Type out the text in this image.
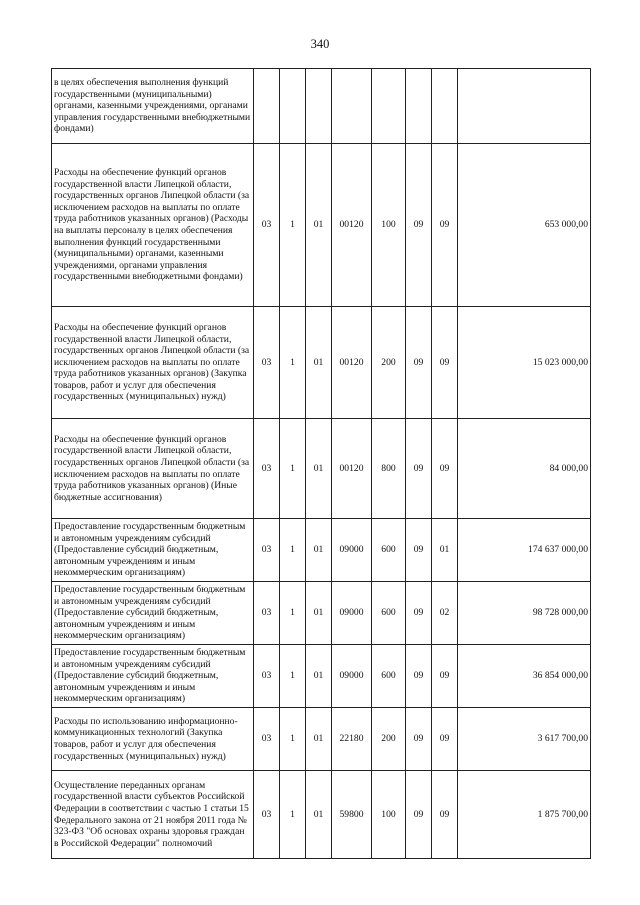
340
в целях обеспечения выполнения функций государственными (муниципальными) органами, казенными учреждениями, органами управления государственными внебюджетными фондами)								
Расходы на обеспечение функций органов государственной власти Липецкой области, государственных органов Липецкой области (за исключением расходов на выплаты по оплате труда работников указанных органов) (Расходы на выплаты персоналу в целях обеспечения выполнения функций государственными (муниципальными) органами, казенными учреждениями, органами управления государственными внебюджетными фондами)	03	1	01	00120	100	09	09	653 000,00
Расходы на обеспечение функций органов государственной власти Липецкой области, государственных органов Липецкой области (за исключением расходов на выплаты по оплате труда работников указанных органов) (Закупка товаров, работ и услуг для обеспечения государственных (муниципальных) нужд)	03	1	01	00120	200	09	09	15 023 000,00
Расходы на обеспечение функций органов государственной власти Липецкой области, государственных органов Липецкой области (за исключением расходов на выплаты по оплате труда работников указанных органов) (Иные бюджетные ассигнования)	03	1	01	00120	800	09	09	84 000,00
Предоставление государственным бюджетным и автономным учреждениям субсидий (Предоставление субсидий бюджетным, автономным учреждениям и иным некоммерческим организациям)	03	1	01	09000	600	09	01	174 637 000,00
Предоставление государственным бюджетным и автономным учреждениям субсидий (Предоставление субсидий бюджетным, автономным учреждениям и иным некоммерческим организациям)	03	1	01	09000	600	09	02	98 728 000,00
Предоставление государственным бюджетным и автономным учреждениям субсидий (Предоставление субсидий бюджетным, автономным учреждениям и иным некоммерческим организациям)	03	1	01	09000	600	09	09	36 854 000,00
Расходы по использованию информационно-коммуникационных технологий (Закупка товаров, работ и услуг для обеспечения государственных (муниципальных) нужд)	03	1	01	22180	200	09	09	3 617 700,00
Осуществление переданных органам государственной власти субъектов Российской Федерации в соответствии с частью 1 статьи 15 Федерального закона от 21 ноября 2011 года № 323-ФЗ "Об основах охраны здоровья граждан в Российской Федерации" полномочий	03	1	01	59800	100	09	09	1 875 700,00
